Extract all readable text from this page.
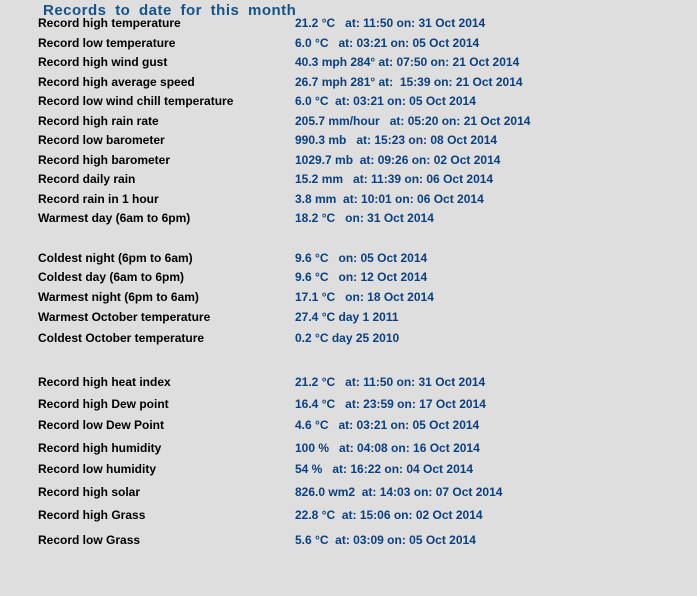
Records to date for this month
Record high temperature	21.2 °C   at: 11:50 on: 31 Oct 2014
Record low temperature	6.0 °C   at: 03:21 on: 05 Oct 2014
Record high wind gust	40.3 mph 284° at: 07:50 on: 21 Oct 2014
Record high average speed	26.7 mph 281° at:  15:39 on: 21 Oct 2014
Record low wind chill temperature	6.0 °C  at: 03:21 on: 05 Oct 2014
Record high rain rate	205.7 mm/hour   at: 05:20 on: 21 Oct 2014
Record low barometer	990.3 mb   at: 15:23 on: 08 Oct 2014
Record high barometer	1029.7 mb  at: 09:26 on: 02 Oct 2014
Record daily rain	15.2 mm   at: 11:39 on: 06 Oct 2014
Record rain in 1 hour	3.8 mm  at: 10:01 on: 06 Oct 2014
Warmest day (6am to 6pm)	18.2 °C   on: 31 Oct 2014
Coldest night (6pm to 6am)	9.6 °C   on: 05 Oct 2014
Coldest day (6am to 6pm)	9.6 °C   on: 12 Oct 2014
Warmest night (6pm to 6am)	17.1 °C   on: 18 Oct 2014
Warmest October temperature	27.4 °C day 1 2011
Coldest October temperature	0.2 °C day 25 2010
Record high heat index	21.2 °C   at: 11:50 on: 31 Oct 2014
Record high Dew point	16.4 °C   at: 23:59 on: 17 Oct 2014
Record low Dew Point	4.6 °C   at: 03:21 on: 05 Oct 2014
Record high humidity	100 %   at: 04:08 on: 16 Oct 2014
Record low humidity	54 %   at: 16:22 on: 04 Oct 2014
Record high solar	826.0 wm2  at: 14:03 on: 07 Oct 2014
Record high Grass	22.8 °C  at: 15:06 on: 02 Oct 2014
Record low Grass	5.6 °C  at: 03:09 on: 05 Oct 2014
